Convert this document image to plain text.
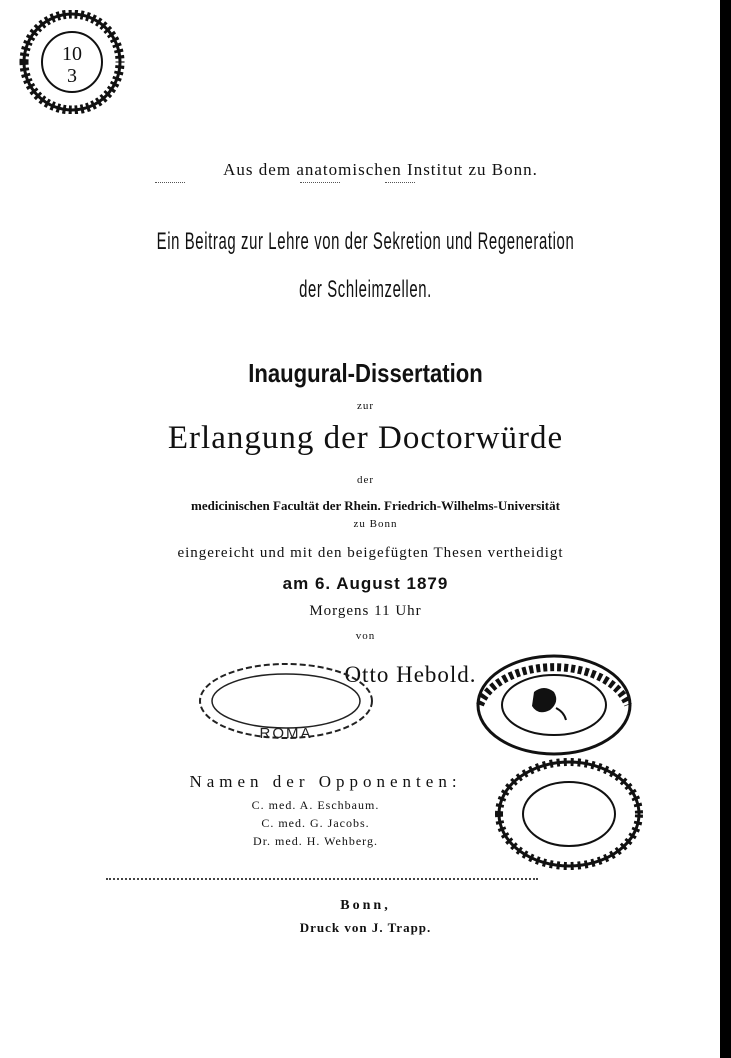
10
3
Aus dem anatomischen Institut zu Bonn.
Ein Beitrag zur Lehre von der Sekretion und Regeneration
der Schleimzellen.
Inaugural-Dissertation
zur
Erlangung der Doctorwürde
der
medicinischen Facultät der Rhein. Friedrich-Wilhelms-Universität
zu Bonn
eingereicht und mit den beigefügten Thesen vertheidigt
am 6. August 1879
Morgens 11 Uhr
von
Otto Hebold.
ROMA
Namen der Opponenten:
C. med. A. Eschbaum.
C. med. G. Jacobs.
Dr. med. H. Wehberg.
Bonn,
Druck von J. Trapp.
